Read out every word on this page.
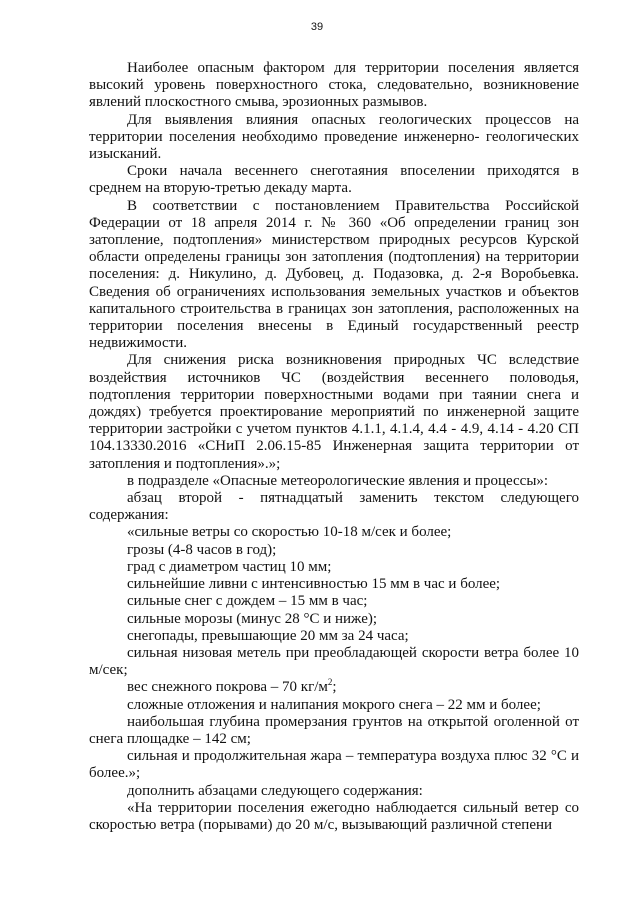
39

Наиболее опасным фактором для территории поселения является высокий уровень поверхностного стока, следовательно, возникновение явлений плоскостного смыва, эрозионных размывов.

Для выявления влияния опасных геологических процессов на территории поселения необходимо проведение инженерно- геологических изысканий.

Сроки начала весеннего снеготаяния впоселении приходятся в среднем на вторую-третью декаду марта.

В соответствии с постановлением Правительства Российской Федерации от 18 апреля 2014 г. № 360 «Об определении границ зон затопление, подтопления» министерством природных ресурсов Курской области определены границы зон затопления (подтопления) на территории поселения: д. Никулино, д. Дубовец, д. Подазовка, д. 2-я Воробьевка. Сведения об ограничениях использования земельных участков и объектов капитального строительства в границах зон затопления, расположенных на территории поселения внесены в Единый государственный реестр недвижимости.

Для снижения риска возникновения природных ЧС вследствие воздействия источников ЧС (воздействия весеннего половодья, подтопления территории поверхностными водами при таянии снега и дождях) требуется проектирование мероприятий по инженерной защите территории застройки с учетом пунктов 4.1.1, 4.1.4, 4.4 - 4.9, 4.14 - 4.20 СП 104.13330.2016 «СНиП 2.06.15-85 Инженерная защита территории от затопления и подтопления».»;

в подразделе «Опасные метеорологические явления и процессы»:

абзац второй - пятнадцатый заменить текстом следующего содержания:

«сильные ветры со скоростью 10-18 м/сек и более;

грозы (4-8 часов в год);

град с диаметром частиц 10 мм;

сильнейшие ливни с интенсивностью 15 мм в час и более;

сильные снег с дождем – 15 мм в час;

сильные морозы (минус 28 °С и ниже);

снегопады, превышающие 20 мм за 24 часа;

сильная низовая метель при преобладающей скорости ветра более 10 м/сек;

вес снежного покрова – 70 $кг/м^2$;

сложные отложения и налипания мокрого снега – 22 мм и более;

наибольшая глубина промерзания грунтов на открытой оголенной от снега площадке – 142 см;

сильная и продолжительная жара – температура воздуха плюс 32 °С и более.»;

дополнить абзацами следующего содержания:

«На территории поселения ежегодно наблюдается сильный ветер со скоростью ветра (порывами) до 20 м/с, вызывающий различной степени
